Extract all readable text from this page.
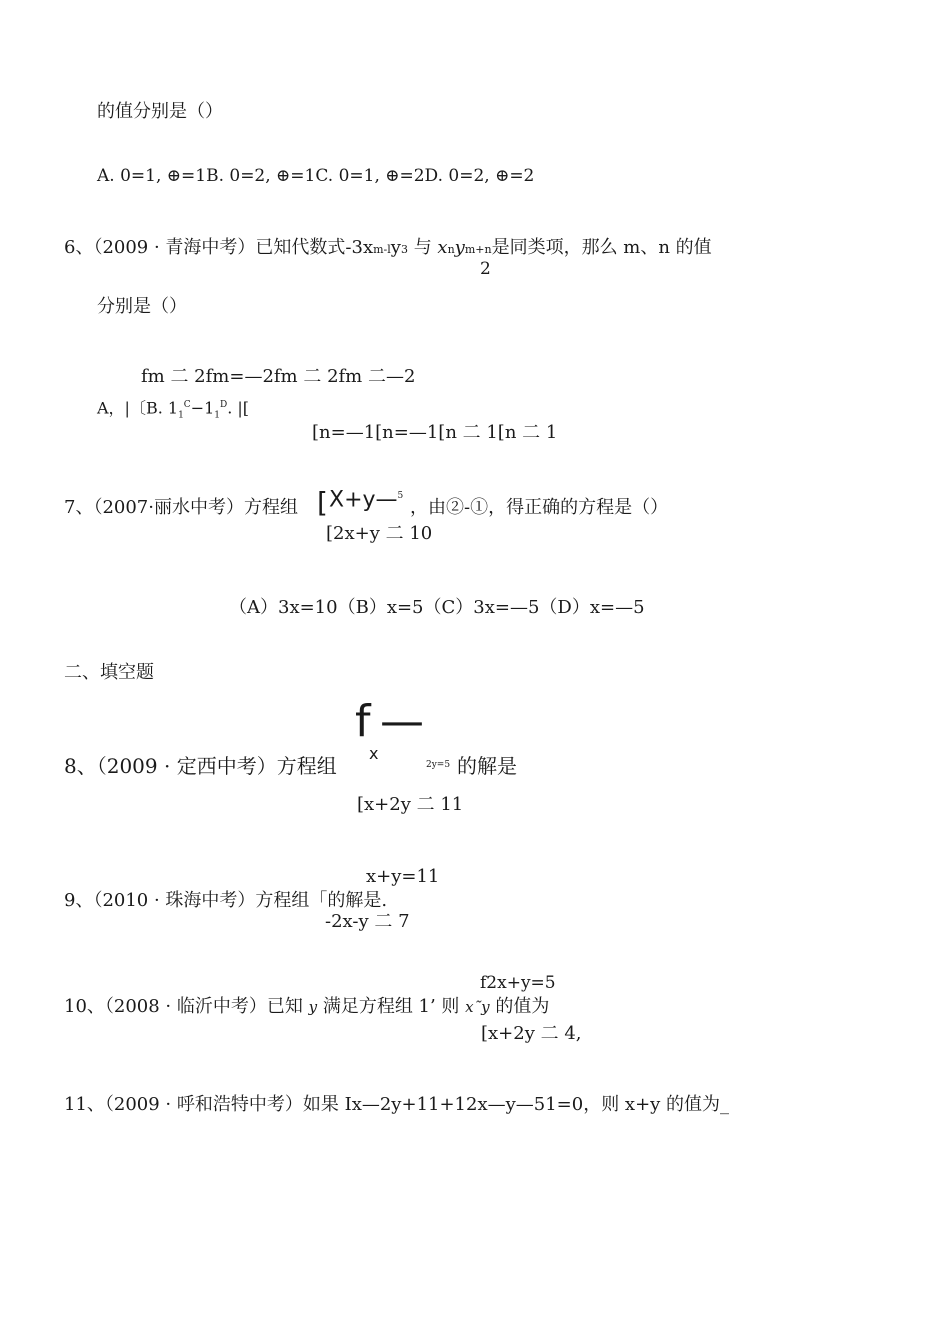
的值分别是（）
A. 0=1, ⊕=1B. 0=2, ⊕=1C. 0=1, ⊕=2D. 0=2, ⊕=2
6、（2009 · 青海中考）已知代数式-3xm-ly3 与 xnym+n是同类项，那么 m、n 的值
2
分别是（）
fm 二 2fm=—2fm 二 2fm 二—2
A，|〔B. $1_1^C-1_1^D$. |[
[n=—1[n=—1[n 二 1[n 二 1
7、（2007·丽水中考）方程组 [ X+y—$^5$
，由②-①，得正确的方程是（）
[2x+y 二 10
（A）3x=10（B）x=5（C）3x=—5（D）x=—5
二、填空题
f —
x
8、（2009 · 定西中考）方程组	2y=5 的解是
[x+2y 二 11
x+y=11
9、（2010 · 珠海中考）方程组「的解是.
-2x-y 二 7
f2x+y=5
10、（2008 · 临沂中考）已知 y 满足方程组 1’ 则 x˜y 的值为
[x+2y 二 4,
11、（2009 · 呼和浩特中考）如果 Ix—2y+11+12x—y—51=0，则 x+y 的值为_
